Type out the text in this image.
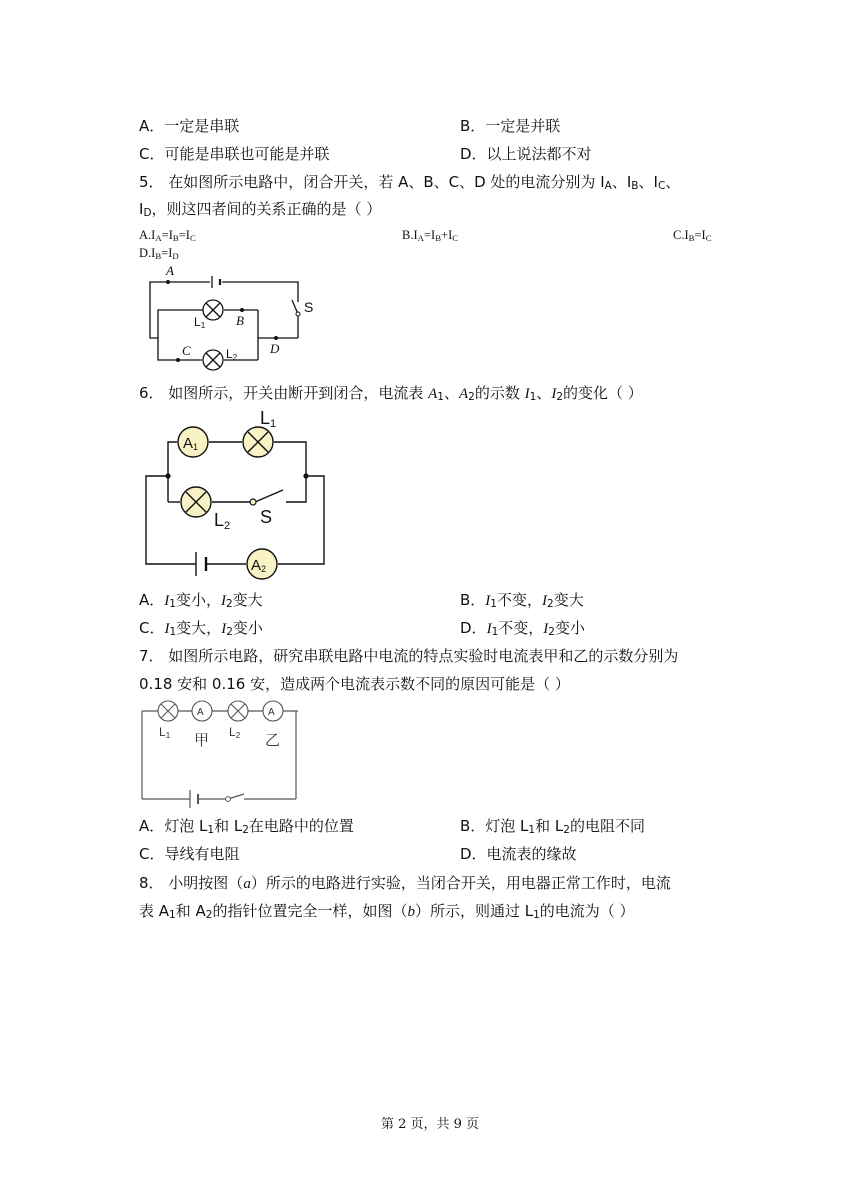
A．一定是串联	B．一定是并联
C．可能是串联也可能是并联	D．以上说法都不对
5． 在如图所示电路中，闭合开关，若 A、B、C、D 处的电流分别为 $I_A$、$I_B$、$I_C$、
$I_D$，则这四者间的关系正确的是（ ）
$A.I_A=I_B=I_C$	$B.I_A=I_B+I_C$	$C.I_B=I_C$
$D.I_B=I_D$
A
B
C	D
S
L1
L2
6． 如图所示，开关由断开到闭合，电流表 $A_1$、$A_2$的示数 $I_1$、$I_2$的变化（ ）
A1
L1
L2 S
A2
A．$I_1$变小，$I_2$变大	B．$I_1$不变，$I_2$变大
C．$I_1$变大，$I_2$变小	D．$I_1$不变，$I_2$变小
7． 如图所示电路，研究串联电路中电流的特点实验时电流表甲和乙的示数分别为
0.18 安和 0.16 安，造成两个电流表示数不同的原因可能是（ ）
A	A
L1 甲 L2 乙
A．灯泡 $L_1$和 $L_2$在电路中的位置	B．灯泡 $L_1$和 $L_2$的电阻不同
C．导线有电阻	D．电流表的缘故
8． 小明按图（a）所示的电路进行实验，当闭合开关，用电器正常工作时，电流
表 $A_1$和 $A_2$的指针位置完全一样，如图（b）所示，则通过 $L_1$的电流为（ ）
第 2 页，共 9 页
